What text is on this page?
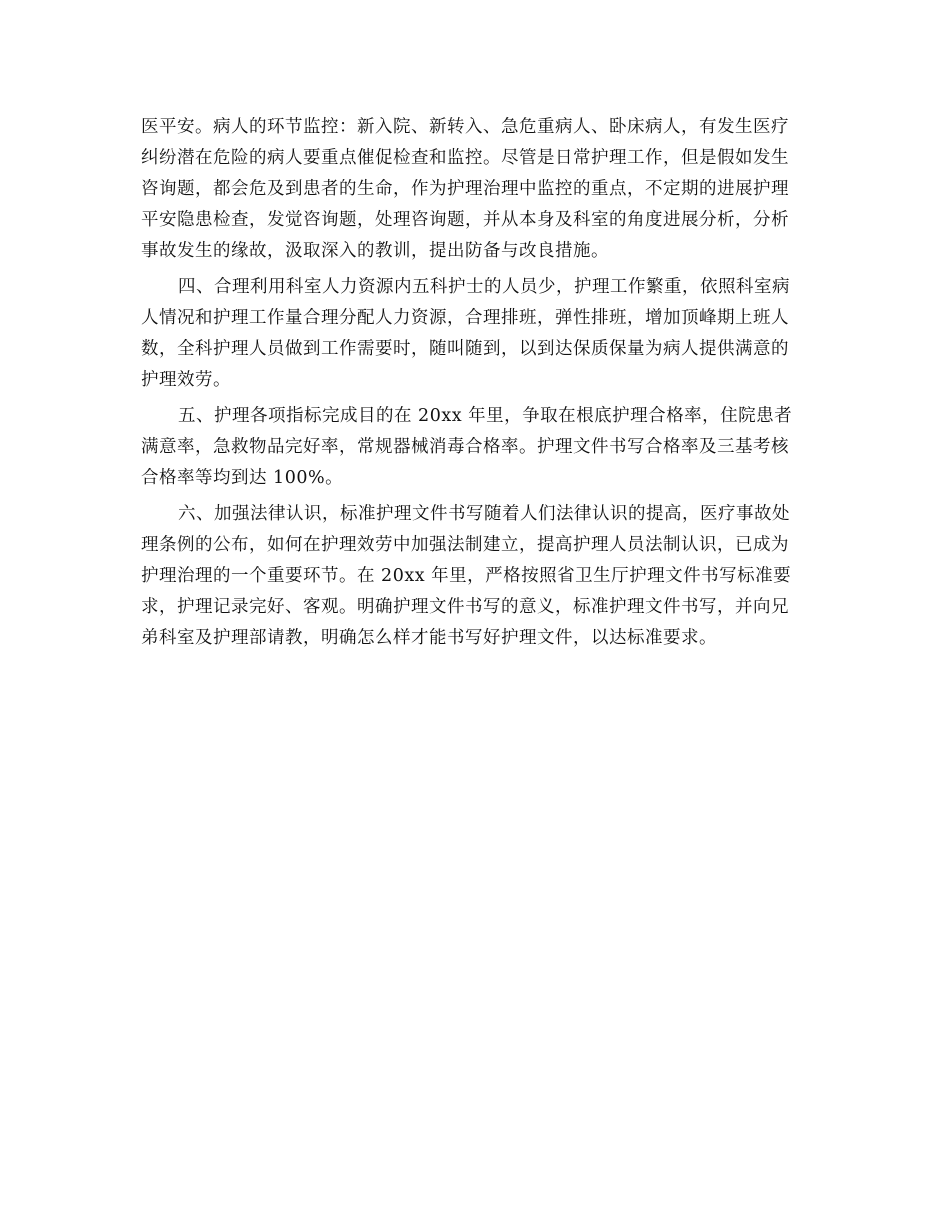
医平安。病人的环节监控：新入院、新转入、急危重病人、卧床病人，有发生医疗
纠纷潜在危险的病人要重点催促检查和监控。尽管是日常护理工作，但是假如发生
咨询题，都会危及到患者的生命，作为护理治理中监控的重点，不定期的进展护理
平安隐患检查，发觉咨询题，处理咨询题，并从本身及科室的角度进展分析，分析
事故发生的缘故，汲取深入的教训，提出防备与改良措施。
四、合理利用科室人力资源内五科护士的人员少，护理工作繁重，依照科室病
人情况和护理工作量合理分配人力资源，合理排班，弹性排班，增加顶峰期上班人
数，全科护理人员做到工作需要时，随叫随到，以到达保质保量为病人提供满意的
护理效劳。
五、护理各项指标完成目的在 20xx 年里，争取在根底护理合格率，住院患者
满意率，急救物品完好率，常规器械消毒合格率。护理文件书写合格率及三基考核
合格率等均到达 100%。
六、加强法律认识，标准护理文件书写随着人们法律认识的提高，医疗事故处
理条例的公布，如何在护理效劳中加强法制建立，提高护理人员法制认识，已成为
护理治理的一个重要环节。在 20xx 年里，严格按照省卫生厅护理文件书写标准要
求，护理记录完好、客观。明确护理文件书写的意义，标准护理文件书写，并向兄
弟科室及护理部请教，明确怎么样才能书写好护理文件，以达标准要求。
